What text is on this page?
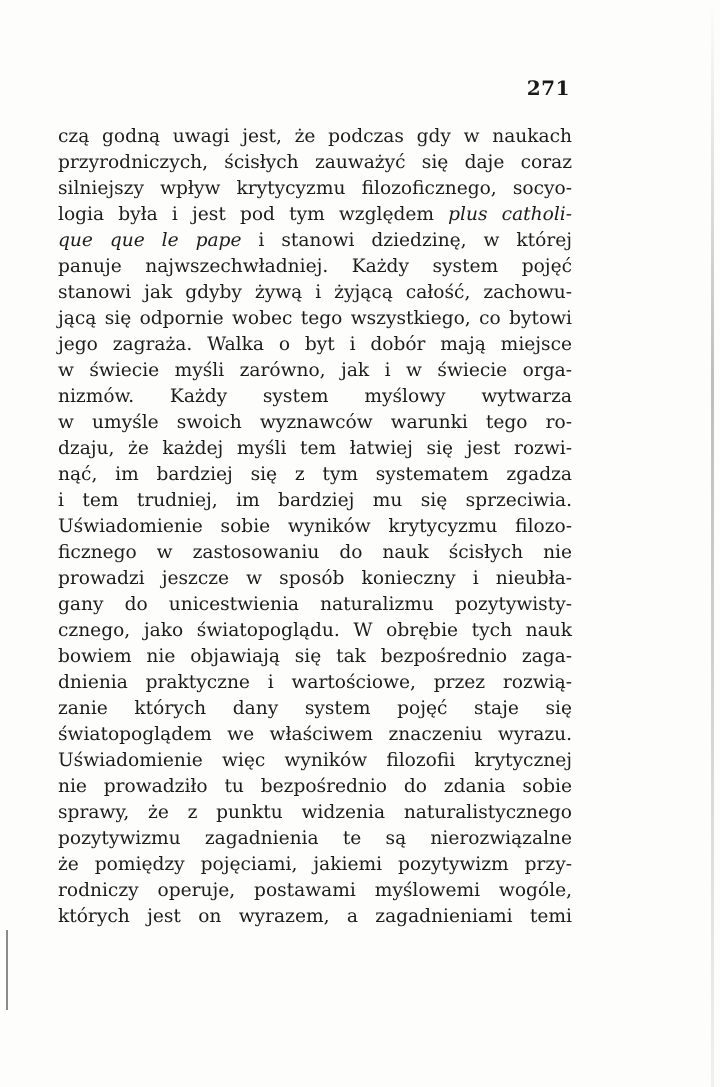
271
czą godną uwagi jest, że podczas gdy w naukach
przyrodniczych, ścisłych zauważyć się daje coraz
silniejszy wpływ krytycyzmu filozoficznego, socyo-
logia była i jest pod tym względem plus catholi-
que que le pape i stanowi dziedzinę, w której
panuje najwszechwładniej. Każdy system pojęć
stanowi jak gdyby żywą i żyjącą całość, zachowu-
jącą się odpornie wobec tego wszystkiego, co bytowi
jego zagraża. Walka o byt i dobór mają miejsce
w świecie myśli zarówno, jak i w świecie orga-
nizmów. Każdy system myślowy wytwarza
w umyśle swoich wyznawców warunki tego ro-
dzaju, że każdej myśli tem łatwiej się jest rozwi-
nąć, im bardziej się z tym systematem zgadza
i tem trudniej, im bardziej mu się sprzeciwia.
Uświadomienie sobie wyników krytycyzmu filozo-
ficznego w zastosowaniu do nauk ścisłych nie
prowadzi jeszcze w sposób konieczny i nieubła-
gany do unicestwienia naturalizmu pozytywisty-
cznego, jako światopoglądu. W obrębie tych nauk
bowiem nie objawiają się tak bezpośrednio zaga-
dnienia praktyczne i wartościowe, przez rozwią-
zanie których dany system pojęć staje się
światopoglądem we właściwem znaczeniu wyrazu.
Uświadomienie więc wyników filozofii krytycznej
nie prowadziło tu bezpośrednio do zdania sobie
sprawy, że z punktu widzenia naturalistycznego
pozytywizmu zagadnienia te są nierozwiązalne
że pomiędzy pojęciami, jakiemi pozytywizm przy-
rodniczy operuje, postawami myślowemi wogóle,
których jest on wyrazem, a zagadnieniami temi
